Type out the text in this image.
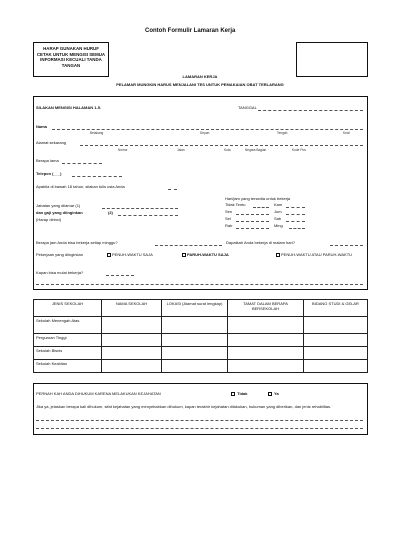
Contoh Formulir Lamaran Kerja
HARAP GUNAKAN HURUF CETAK UNTUK MENGISI SEMUA INFORMASI KECUALI TANDA TANGAN
LAMARAN KERJA
PELAMAR MUNGKIN HARUS MENJALANI TES UNTUK PEMAKAIAN OBAT TERLARANG
SILAKAN MENGISI HALAMAN 1-5.	TANGGAL
Nama
Belakang	Depan	Tengah	Kecil
Alamat sekarang
Nomor	Jalan	Kota	Negara Bagian	Kode Pos
Berapa lama
Telepon (___)
Apabila di bawah 18 tahun, silakan tulis usia Anda
Jabatan yang dilamar (1)
dan gaji yang diinginkan	(2)
(Harap dirinci)
Hari/jam yang tersedia untuk bekerja
Tidak Tentu	Kam
Sen	Jum
Sel	Sab
Rab	Ming
Berapa jam Anda bisa bekerja setiap minggu?	Dapatkah Anda bekerja di malam hari?
Pekerjaan yang diinginkan	PENUH-WAKTU SAJA	PARUH-WAKTU SAJA	PENUH-WAKTU ATAU PARUH-WAKTU
Kapan bisa mulai bekerja?
JENIS SEKOLAH	NAMA SEKOLAH	LOKASI (Alamat surat lengkap)	TAMAT DALAM BERAPA BERSEKOLAH	BIDANG STUDI & GELAR
Sekolah Menengah Atas				
Perguruan Tinggi				
Sekolah Bisnis				
Sekolah Keahlian				
PERNAH KAH ANDA DIHUKUM KARENA MELAKUKAN KEJAHATAN	Tidak	Ya
Jika ya, jelaskan berapa kali dihukum, sifat kejahatan yang menyebabkan dihukum, kapan terakhir kejahatan dilakukan, hukuman yang diberikan, dan jenis rehabilitas.
